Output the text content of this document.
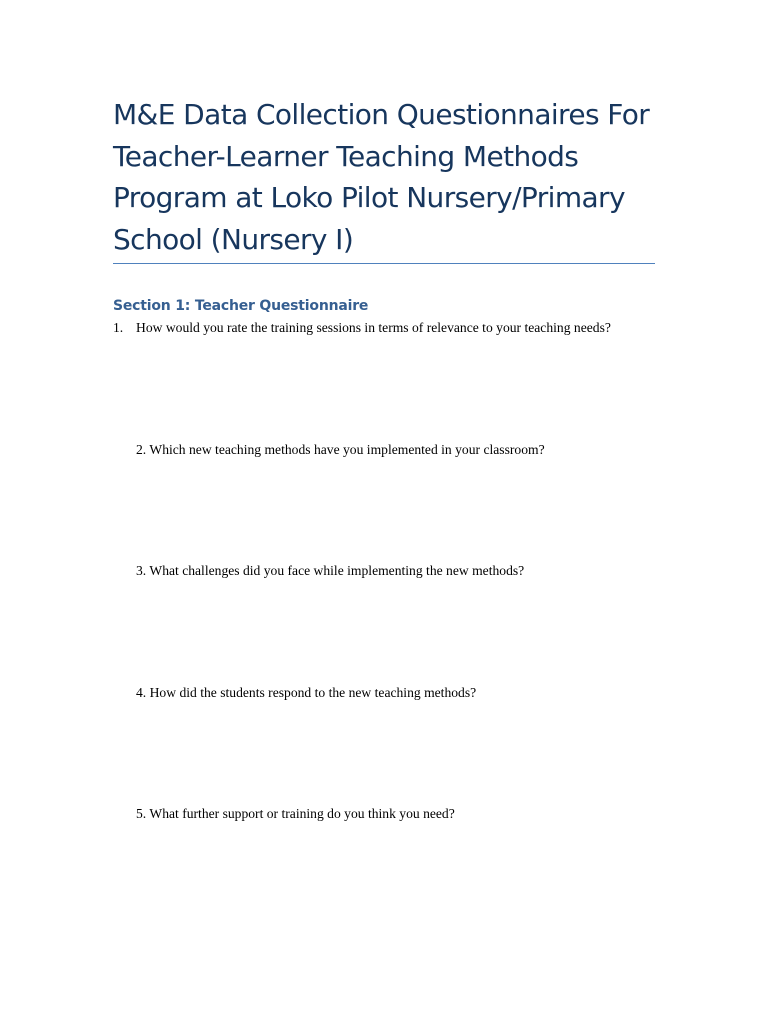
M&E Data Collection Questionnaires For Teacher-Learner Teaching Methods Program at Loko Pilot Nursery/Primary School (Nursery I)
Section 1: Teacher Questionnaire

1. How would you rate the training sessions in terms of relevance to your teaching needs?

2. Which new teaching methods have you implemented in your classroom?

3. What challenges did you face while implementing the new methods?

4. How did the students respond to the new teaching methods?

5. What further support or training do you think you need?
